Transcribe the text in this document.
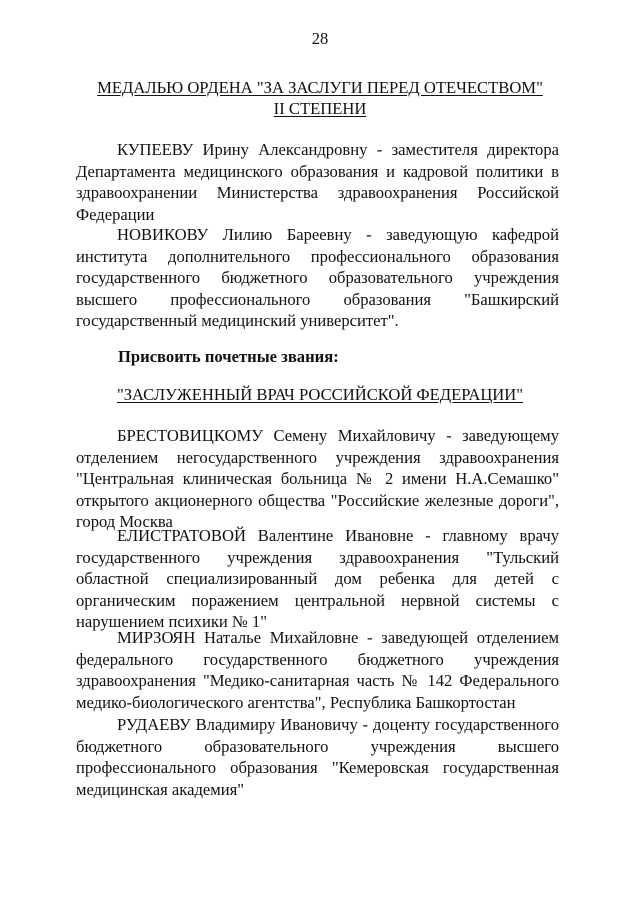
28
МЕДАЛЬЮ ОРДЕНА "ЗА ЗАСЛУГИ ПЕРЕД ОТЕЧЕСТВОМ"
II СТЕПЕНИ

КУПЕЕВУ Ирину Александровну - заместителя директора Департамента медицинского образования и кадровой политики в здравоохранении Министерства здравоохранения Российской Федерации

НОВИКОВУ Лилию Бареевну - заведующую кафедрой института дополнительного профессионального образования государственного бюджетного образовательного учреждения высшего профессионального образования "Башкирский государственный медицинский университет".

Присвоить почетные звания:
"ЗАСЛУЖЕННЫЙ ВРАЧ РОССИЙСКОЙ ФЕДЕРАЦИИ"

БРЕСТОВИЦКОМУ Семену Михайловичу - заведующему отделением негосударственного учреждения здравоохранения "Центральная клиническая больница № 2 имени Н.А.Семашко" открытого акционерного общества "Российские железные дороги", город Москва

ЕЛИСТРАТОВОЙ Валентине Ивановне - главному врачу государственного учреждения здравоохранения "Тульский областной специализированный дом ребенка для детей с органическим поражением центральной нервной системы с нарушением психики № 1"

МИРЗОЯН Наталье Михайловне - заведующей отделением федерального государственного бюджетного учреждения здравоохранения "Медико-санитарная часть № 142 Федерального медико-биологического агентства", Республика Башкортостан

РУДАЕВУ Владимиру Ивановичу - доценту государственного бюджетного образовательного учреждения высшего профессионального образования "Кемеровская государственная медицинская академия"
